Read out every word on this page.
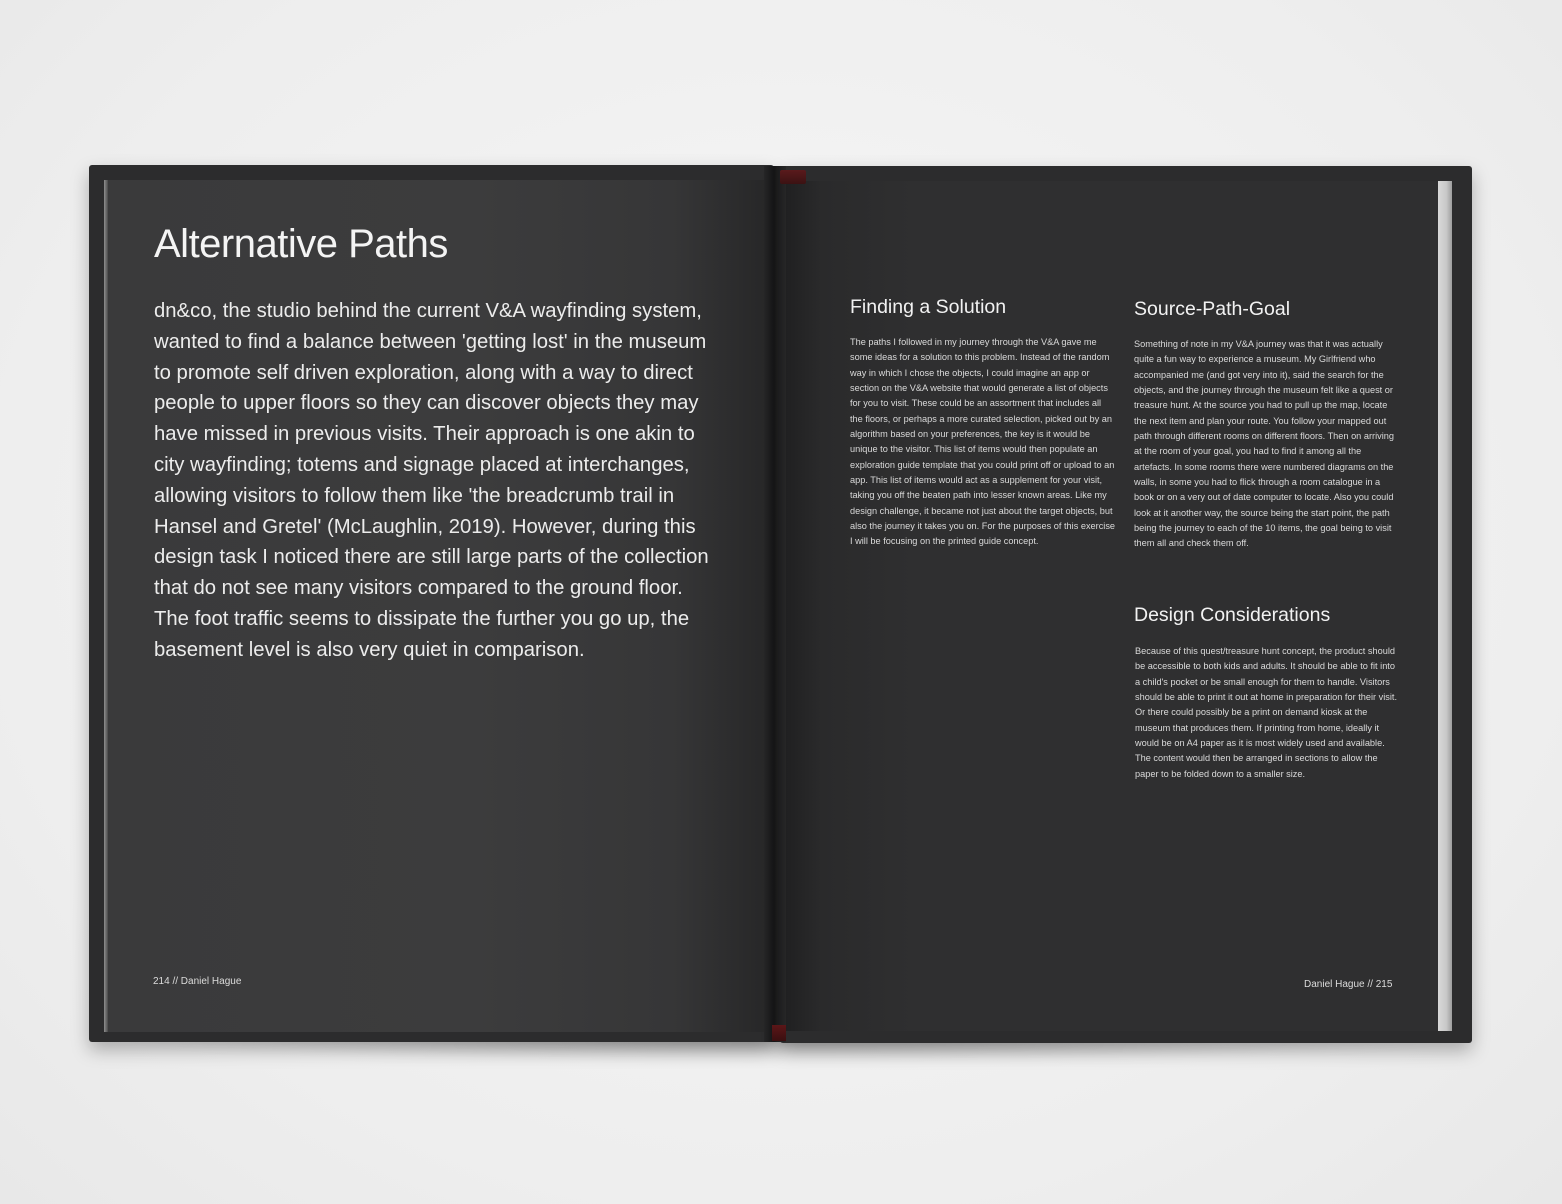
Alternative Paths

dn&co, the studio behind the current V&A wayfinding system, wanted to find a balance between 'getting lost' in the museum to promote self driven exploration, along with a way to direct people to upper floors so they can discover objects they may have missed in previous visits. Their approach is one akin to city wayfinding; totems and signage placed at interchanges, allowing visitors to follow them like 'the breadcrumb trail in Hansel and Gretel' (McLaughlin, 2019). However, during this design task I noticed there are still large parts of the collection that do not see many visitors compared to the ground floor. The foot traffic seems to dissipate the further you go up, the basement level is also very quiet in comparison.

214 // Daniel Hague
Finding a Solution

The paths I followed in my journey through the V&A gave me some ideas for a solution to this problem. Instead of the random way in which I chose the objects, I could imagine an app or section on the V&A website that would generate a list of objects for you to visit. These could be an assortment that includes all the floors, or perhaps a more curated selection, picked out by an algorithm based on your preferences, the key is it would be unique to the visitor. This list of items would then populate an exploration guide template that you could print off or upload to an app. This list of items would act as a supplement for your visit, taking you off the beaten path into lesser known areas. Like my design challenge, it became not just about the target objects, but also the journey it takes you on. For the purposes of this exercise I will be focusing on the printed guide concept.

Source-Path-Goal

Something of note in my V&A journey was that it was actually quite a fun way to experience a museum. My Girlfriend who accompanied me (and got very into it), said the search for the objects, and the journey through the museum felt like a quest or treasure hunt. At the source you had to pull up the map, locate the next item and plan your route. You follow your mapped out path through different rooms on different floors. Then on arriving at the room of your goal, you had to find it among all the artefacts. In some rooms there were numbered diagrams on the walls, in some you had to flick through a room catalogue in a book or on a very out of date computer to locate. Also you could look at it another way, the source being the start point, the path being the journey to each of the 10 items, the goal being to visit them all and check them off.

Design Considerations

Because of this quest/treasure hunt concept, the product should be accessible to both kids and adults. It should be able to fit into a child's pocket or be small enough for them to handle. Visitors should be able to print it out at home in preparation for their visit. Or there could possibly be a print on demand kiosk at the museum that produces them. If printing from home, ideally it would be on A4 paper as it is most widely used and available. The content would then be arranged in sections to allow the paper to be folded down to a smaller size.

Daniel Hague // 215
